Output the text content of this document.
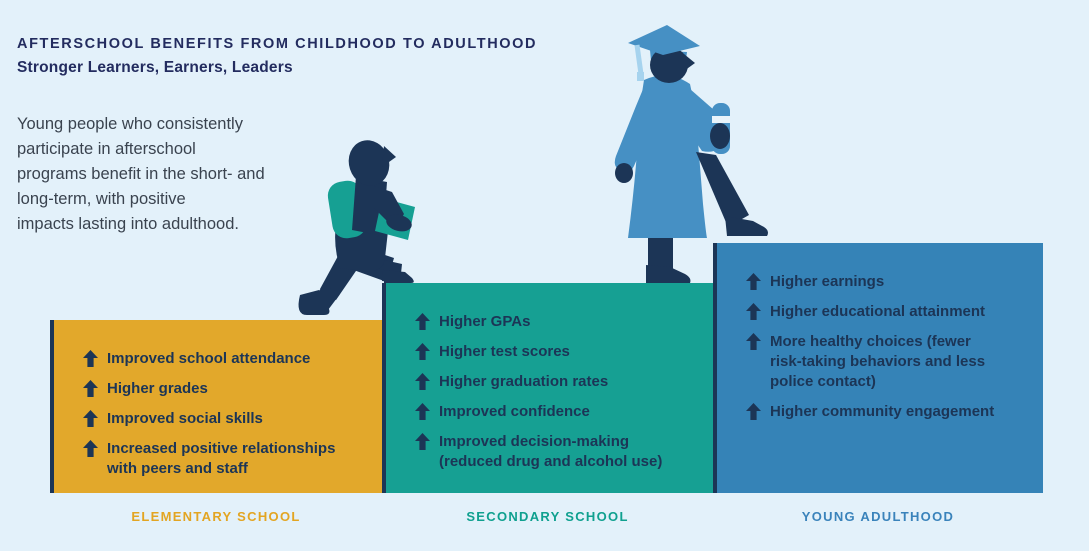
AFTERSCHOOL BENEFITS FROM CHILDHOOD TO ADULTHOOD
Stronger Learners, Earners, Leaders
Young people who consistently
participate in afterschool
programs benefit in the short- and
long-term, with positive
impacts lasting into adulthood.
Improved school attendance
Higher grades
Improved social skills
Increased positive relationships
with peers and staff
Higher GPAs
Higher test scores
Higher graduation rates
Improved confidence
Improved decision-making
(reduced drug and alcohol use)
Higher earnings
Higher educational attainment
More healthy choices (fewer
risk-taking behaviors and less
police contact)
Higher community engagement
ELEMENTARY SCHOOL	SECONDARY SCHOOL	YOUNG ADULTHOOD
